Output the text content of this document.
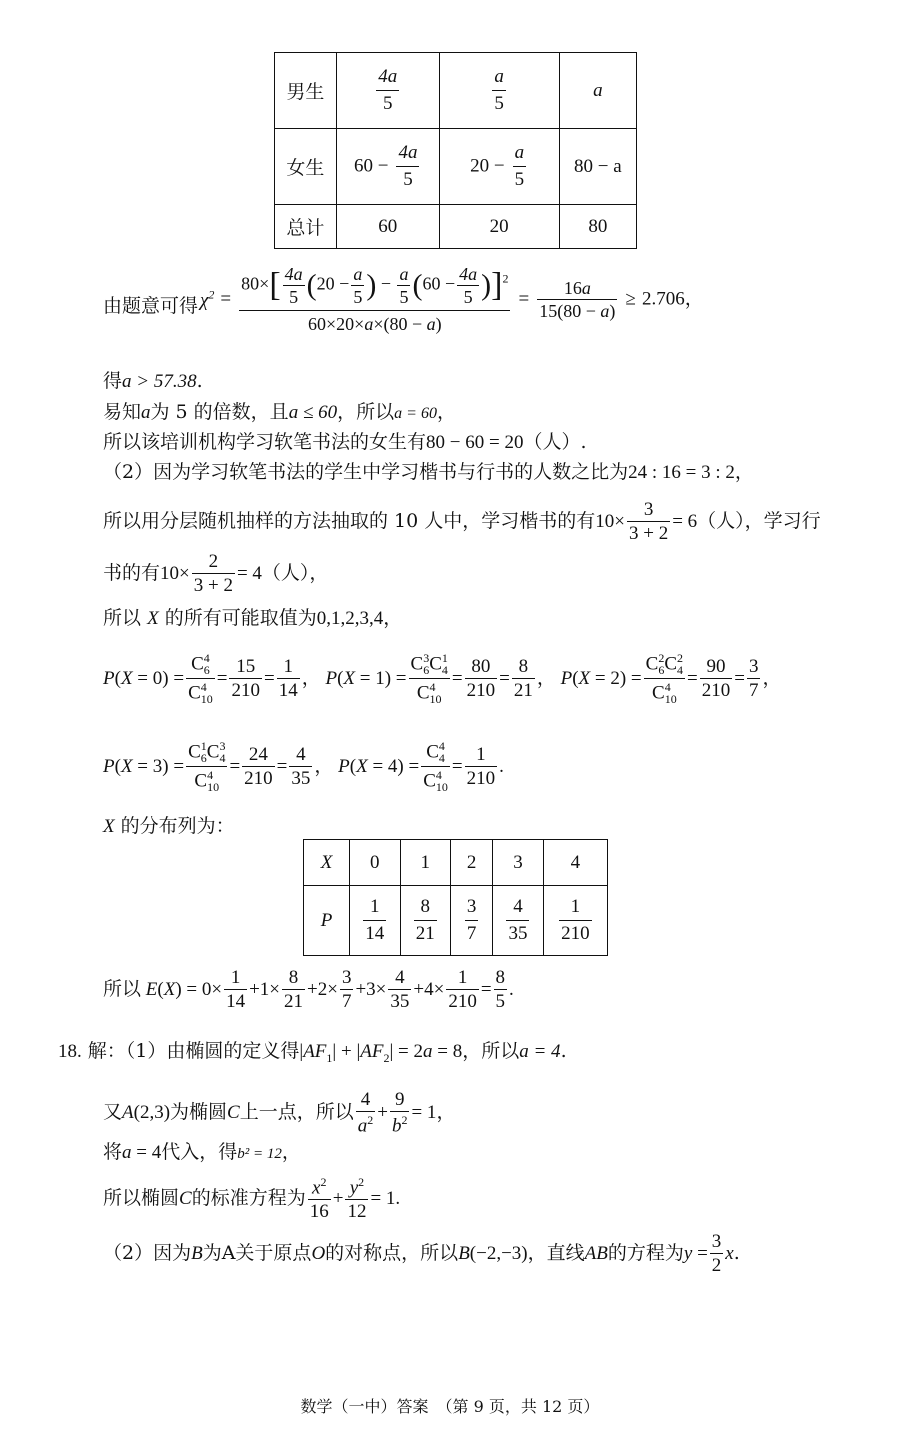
男生	$\frac{4a}{5}$	$\frac{a}{5}$	a
女生	$60 - \frac{4a}{5}$	$20 - \frac{a}{5}$	80 − a
总计	60	20	80
由题意可得 $\chi^2 = \frac{80\times[ \frac{4a}{5} (20 - \frac{a}{5} ) - \frac{a}{5} (60 - \frac{4a}{5} )]^2}{60\times 20\times a\times(80 - a)} = \frac{16a}{15(80 - a)} \ge 2.706$，
得a > 57.38.
易知a为 5 的倍数，且a ≤ 60，所以a = 60，
所以该培训机构学习软笔书法的女生有80 − 60 = 20（人）.
（2）因为学习软笔书法的学生中学习楷书与行书的人数之比为24 : 16 = 3 : 2，
所以用分层随机抽样的方法抽取的 10 人中，学习楷书的有$10\times \frac{3}{3 + 2} = 6$（人），学习行
书的有$10\times \frac{2}{3 + 2} = 4$（人），
所以 X 的所有可能取值为0,1,2,3,4，
$P(X = 0) = \frac{C^4_6}{C^4_{10}} = \frac{15}{210} = \frac{1}{14}$ ， $P(X = 1) = \frac{C^3_6C^1_4}{C^4_{10}} = \frac{80}{210} = \frac{8}{21}$ ， $P(X = 2) = \frac{C^2_6C^2_4}{C^4_{10}} = \frac{90}{210} = \frac{3}{7}$ ，
$P(X = 3) = \frac{C^1_6C^3_4}{C^4_{10}} = \frac{24}{210} = \frac{4}{35}$ ， $P(X = 4) = \frac{C^4_4}{C^4_{10}} = \frac{1}{210}$ .
X 的分布列为：
X	0	1	2	3	4
P	$\frac{1}{14}$	$\frac{8}{21}$	$\frac{3}{7}$	$\frac{4}{35}$	$\frac{1}{210}$
所以 $E(X) = 0\times \frac{1}{14} +1\times \frac{8}{21} +2\times \frac{3}{7} +3\times \frac{4}{35} +4\times \frac{1}{210} = \frac{8}{5}$ .
18. 解：（1）由椭圆的定义得$|AF_1| + |AF_2| = 2a = 8$，所以a = 4.
又A(2,3)为椭圆C上一点，所以 $\frac{4}{a^2} + \frac{9}{b^2} = 1$，
将a = 4代入，得b² = 12，
所以椭圆C的标准方程为 $\frac{x^2}{16} + \frac{y^2}{12} = 1$.
（2）因为B为A关于原点O的对称点，所以B(−2,−3)，直线AB的方程为$y = \frac{3}{2} x$.
数学（一中）答案　（第 9 页，共 12 页）
